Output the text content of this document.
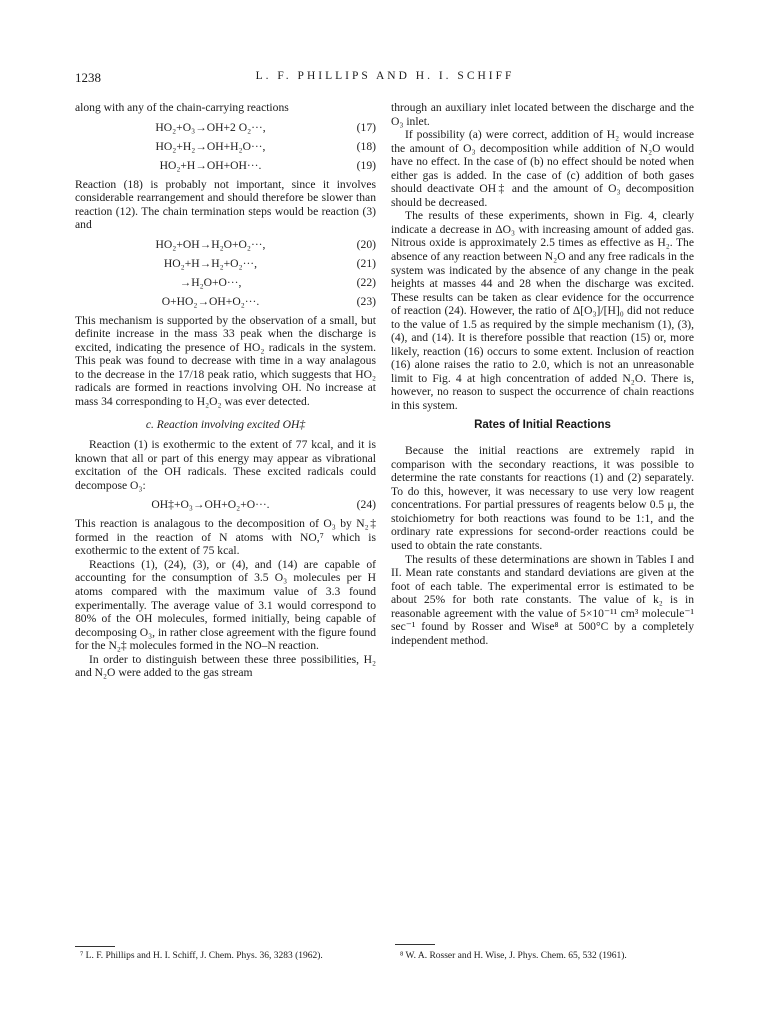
1238	L. F. PHILLIPS AND H. I. SCHIFF

along with any of the chain-carrying reactions

HO₂+O₃→OH+2 O₂···,	(17)
HO₂+H₂→OH+H₂O···,	(18)
HO₂+H→OH+OH···.	(19)

Reaction (18) is probably not important, since it involves considerable rearrangement and should therefore be slower than reaction (12). The chain termination steps would be reaction (3) and

HO₂+OH→H₂O+O₂···,	(20)
HO₂+H→H₂+O₂···,	(21)
→H₂O+O···,	(22)
O+HO₂→OH+O₂···.	(23)

This mechanism is supported by the observation of a small, but definite increase in the mass 33 peak when the discharge is excited, indicating the presence of HO₂ radicals in the system. This peak was found to decrease with time in a way analagous to the decrease in the 17/18 peak ratio, which suggests that HO₂ radicals are formed in reactions involving OH. No increase at mass 34 corresponding to H₂O₂ was ever detected.

c. Reaction involving excited OH‡

Reaction (1) is exothermic to the extent of 77 kcal, and it is known that all or part of this energy may appear as vibrational excitation of the OH radicals. These excited radicals could decompose O₃:

OH‡+O₃→OH+O₂+O···.	(24)

This reaction is analagous to the decomposition of O₃ by N₂‡ formed in the reaction of N atoms with NO,⁷ which is exothermic to the extent of 75 kcal.

Reactions (1), (24), (3), or (4), and (14) are capable of accounting for the consumption of 3.5 O₃ molecules per H atoms compared with the maximum value of 3.3 found experimentally. The average value of 3.1 would correspond to 80% of the OH molecules, formed initially, being capable of decomposing O₃, in rather close agreement with the figure found for the N₂‡ molecules formed in the NO–N reaction.

In order to distinguish between these three possibilities, H₂ and N₂O were added to the gas stream

⁷ L. F. Phillips and H. I. Schiff, J. Chem. Phys. 36, 3283 (1962).

through an auxiliary inlet located between the discharge and the O₃ inlet.

If possibility (a) were correct, addition of H₂ would increase the amount of O₃ decomposition while addition of N₂O would have no effect. In the case of (b) no effect should be noted when either gas is added. In the case of (c) addition of both gases should deactivate OH‡ and the amount of O₃ decomposition should be decreased.

The results of these experiments, shown in Fig. 4, clearly indicate a decrease in ΔO₃ with increasing amount of added gas. Nitrous oxide is approximately 2.5 times as effective as H₂. The absence of any reaction between N₂O and any free radicals in the system was indicated by the absence of any change in the peak heights at masses 44 and 28 when the discharge was excited. These results can be taken as clear evidence for the occurrence of reaction (24). However, the ratio of Δ[O₃]/[H]₀ did not reduce to the value of 1.5 as required by the simple mechanism (1), (3), (4), and (14). It is therefore possible that reaction (15) or, more likely, reaction (16) occurs to some extent. Inclusion of reaction (16) alone raises the ratio to 2.0, which is not an unreasonable limit to Fig. 4 at high concentration of added N₂O. There is, however, no reason to suspect the occurrence of chain reactions in this system.

Rates of Initial Reactions

Because the initial reactions are extremely rapid in comparison with the secondary reactions, it was possible to determine the rate constants for reactions (1) and (2) separately. To do this, however, it was necessary to use very low reagent concentrations. For partial pressures of reagents below 0.5 μ, the stoichiometry for both reactions was found to be 1:1, and the ordinary rate expressions for second-order reactions could be used to obtain the rate constants.

The results of these determinations are shown in Tables I and II. Mean rate constants and standard deviations are given at the foot of each table. The experimental error is estimated to be about 25% for both rate constants. The value of k₂ is in reasonable agreement with the value of 5×10⁻¹¹ cm³ molecule⁻¹ sec⁻¹ found by Rosser and Wise⁸ at 500°C by a completely independent method.

⁸ W. A. Rosser and H. Wise, J. Phys. Chem. 65, 532 (1961).
